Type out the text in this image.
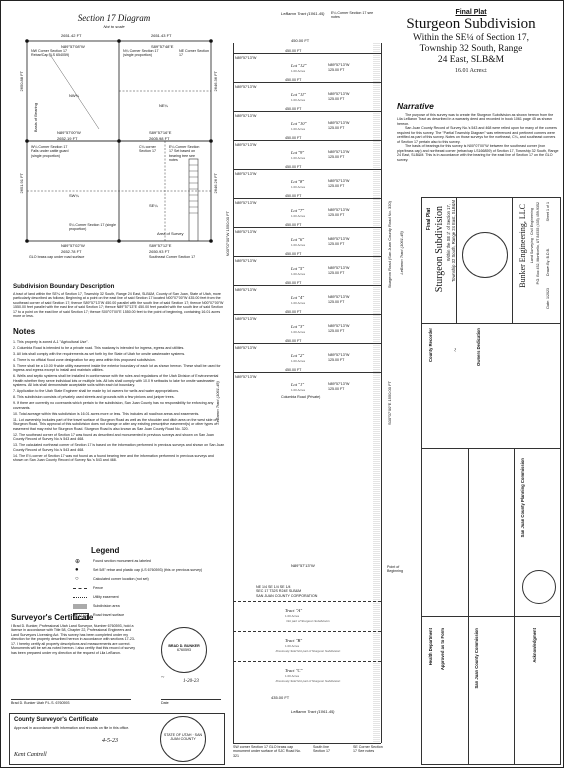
Section 17 Diagram
Not to scale
2651.42 FT	2651.43 FT
N89°57'08"W	S89°57'48"E
2652.19 FT	2605.98 FT
N89°57'00"W	S89°57'16"E
2652.78 FT	2650.93 FT
N89°57'02"W	S89°57'12"E
2650.88 FT
2651.91 FT
2646.36 FT
2646.26 FT
NW Corner Section 17 Rebar/Cap (LS 654059)
N¼ Corner Section 17 (single proportion)
NE Corner Section 17
W¼ Corner Section 17 Falls under cattle guard (single proportion)
C¼ corner Section 17
E¼ Corner Section 17 Set based on bearing tree see notes
S¼ Corner Section 17 (single proportion)
GLO brass cap under road surface	Southeast Corner Section 17
NW¼
NE¼
SW¼
SE¼
Area of Survey
Basis of Bearing
Subdivision Boundary Description
A tract of land within the SE¼ of Section 17, Township 32 South, Range 24 East, SLB&M, County of San Juan, State of Utah, more particularly described as follows; Beginning at a point on the east line of said Section 17 located N00°07'00"W 435.00 feet from the southeast corner of said Section 17; thence S89°57'13"W 450.00 parallel with the south line of said Section 17; thence N00°07'00"W 1550.00 feet parallel with the east line of said Section 17; thence N89°57'13"E 450.00 feet parallel with the south line of said Section 17 to a point on the east line of said Section 17; thence S00°07'00"E 1550.00 feet to the point of beginning, containing 16.01 acres more or less.
Notes
1. This property is zoned A-1 "Agricultural Use".
2. Columbia Road is intended to be a private road. This roadway is intended for ingress, egress and utilities.
3. All lots shall comply with the requirements as set forth by the State of Utah for onsite wastewater systems.
4. There is no official flood zone designation for any area within this proposed subdivision.
5. There shall be a 10.00 ft wide utility easement inside the exterior boundary of each lot as shown hereon. These shall be used for ingress and egress except to install and maintain utilities.
6. Wells and septic systems shall be installed in conformance with the rules and regulations of the Utah Division of Environmental Health whether they serve individual lots or multiple lots. All lots shall comply with 10.0 ft setbacks to lake for onsite wastewater systems. All lots shall demonstrate acceptable soils within each lot boundary.
7. Application to the Utah State Engineer shall be made by lot owners for wells and water appropriations.
8. This subdivision consists of privately used streets and grounds with a few pinions and juniper trees.
9. If there are currently no covenants which pertain to the subdivision, San Juan County has no responsibility for enforcing any covenants.
10. Total acreage within this subdivision is 16.01 acres more or less. This includes all road/row areas and easements.
11. Lot ownership includes part of the travel surface of Sturgeon Road as well as the shoulder and ditch area on the west side of Sturgeon Road. This approval of this subdivision does not change or alter any existing prescriptive easement(s) or other types of easement that may exist for Sturgeon Road. Sturgeon Road is also known as San Juan County Road No. 320.
12. The southeast corner of Section 17 was found as described and monumented in previous surveys and shown on San Juan County Record of Survey No.'s 543 and 468.
13. The calculated northeast corner of Section 17 is based on the information performed in previous surveys and shown on San Juan County Record of Survey No.'s 543 and 468.
14. The E¼ corner of Section 17 was not found as a found bearing tree and the information performed in previous surveys and shown on San Juan County Record of Survey No.'s 543 and 468.
Legend
⊕	Found section monument as labeled
●	Set 5/8" rebar and plastic cap (LS 6760593) (this or previous survey)
○	Calculated corner location (not set)
Fence
Utility easement
Subdivision area
Road travel surface
Surveyor's Certificate
I Brad D. Bunker, Professional Utah Land Surveyor, Number 6760593, hold a license in accordance with Title 58, Chapter 22, Professional Engineers and Land Surveyors Licensing Act. This survey has been completed under my direction for the property described hereon in accordance with sections 17-23-17. I hereby certify all property descriptions and measurements are correct. Monuments will be set as noted hereon. I also certify that this record of survey has been prepared under my direction at the request of Lila LeBaron.
BRAD D. BUNKER
6760593
~
1-20-23
Brad D. Bunker Utah P.L.S. 6760593	Date
County Surveyor's Certificate
Approval in accordance with information and records on file in this office.
4-5-23
Kent Cantrell
STATE OF UTAH · SAN JUAN COUNTY
LeBaron Tract (1061-45) E¼ Corner Section 17 see notes
450.00 FT
Sturgeon Road (San Juan County Road No. 320)
S00°07'00"E 1550.00 FT
N00°07'00"W 1550.00 FT
LeBaron Tract (1061-45)
LeBaron Tract (1061-45)
450.00 FT
N89°57'13"W
Lot "12"
1.00 Acres
N89°57'13"W
125.00 FT
450.00 FT
N89°57'13"W
Lot "11"
1.00 Acres
N89°57'13"W
125.00 FT
450.00 FT
N89°57'13"W
Lot "10"
1.00 Acres
N89°57'13"W
125.00 FT
450.00 FT
N89°57'13"W
Lot "9"
1.00 Acres
N89°57'13"W
125.00 FT
450.00 FT
N89°57'13"W
Lot "8"
1.00 Acres
N89°57'13"W
125.00 FT
450.00 FT
N89°57'13"W
Lot "7"
1.00 Acres
N89°57'13"W
125.00 FT
450.00 FT
N89°57'13"W
Lot "6"
1.00 Acres
N89°57'13"W
125.00 FT
450.00 FT
N89°57'13"W
Lot "5"
1.00 Acres
N89°57'13"W
125.00 FT
450.00 FT
N89°57'13"W
Lot "4"
1.00 Acres
N89°57'13"W
125.00 FT
450.00 FT
N89°57'13"W
Lot "3"
1.00 Acres
N89°57'13"W
125.00 FT
450.00 FT
N89°57'13"W
Lot "2"
1.00 Acres
N89°57'13"W
125.00 FT
450.00 FT
N89°57'13"W
Lot "1"
1.00 Acres
N89°57'13"W
125.00 FT
Columbia Road (Private)
NE 1/4 SE 1/4 SE 1/4
SEC 17 T32S R24E SLB&M
SAN JUAN COUNTY CORPORATION
N89°57'13"W
Tract "A"
1.00 Acres
Not part of Sturgeon Subdivision
Tract "B"
1.00 Acres
Previously Sold Not part of Sturgeon Subdivision
Tract "C"
1.00 Acres
Previously Sold Not part of Sturgeon Subdivision
Point of Beginning
435.00 FT
LeBaron Tract (1061-45)
SW corner Section 17 GLO brass cap monument under surface of SJC Road No. 321
South line Section 17
SE Corner Section 17 See notes
Final Plat
Sturgeon Subdivision
Within the SE¼ of Section 17,
Township 32 South, Range
24 East, SLB&M
16.01 Acres±
Narrative
The purpose of this survey was to create the Sturgeon Subdivision as shown hereon from the Lila LeBaron Tract as described in a warranty deed and recorded in book 1061 page 45 as shown hereon.
San Juan County Record of Survey No.'s 543 and 468 were relied upon for many of the corners required for this survey. The "Partial Township Diagram" was referenced and pertinent corners were certified as part of this survey. Notes on those surveys for the northeast, C¼, and southeast corners of Section 17 pertain also to this survey.
The basis of bearings for this survey is N00°07'00"W between the southeast corner (iron pipe/brass cap) and northeast corner (rebar/cap LS166859) of Section 17, Township 32 South, Range 24 East, SLB&M. This is in accordance with the bearing for the east line of Section 17 on the GLO survey.
Final Plat Sturgeon Subdivision Within the SE¼ of Section 17, Township 32 South, Range 24 East, SLB&M	Bunker Engineering, LLC Land Surveying · Civil Engineering P.O. Box 452, Monticello, UT 84535 (435) 459-9352 Sheet 1 of 1
Drawn By: B.D.B.
Date: 1/2023
County Recorder	Owners Dedication
~
Health Department Approved as to Form	San Juan County Commission
San Juan County Planning Commission
Acknowledgment
